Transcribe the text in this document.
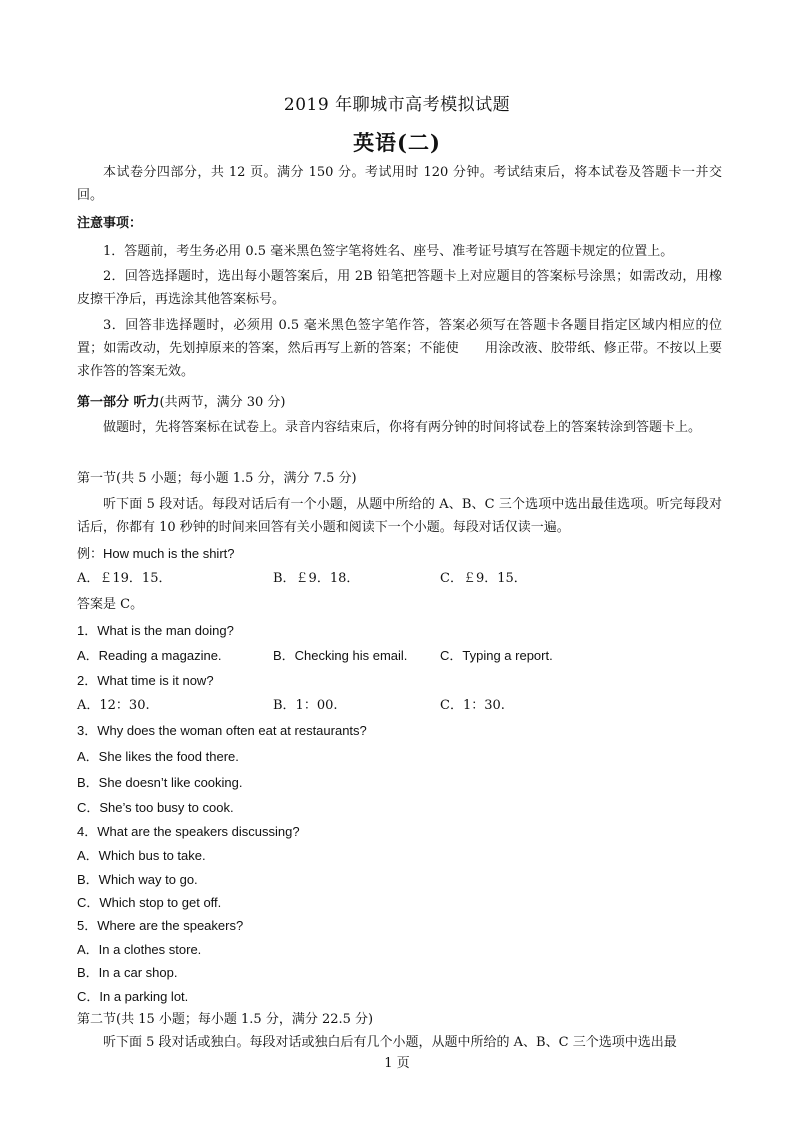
2019 年聊城市高考模拟试题
英语(二)
本试卷分四部分，共 12 页。满分 150 分。考试用时 120 分钟。考试结束后，将本试卷及答题卡一并交回。
注意事项：
1．答题前，考生务必用 0.5 毫米黑色签字笔将姓名、座号、准考证号填写在答题卡规定的位置上。
2．回答选择题时，选出每小题答案后，用 2B 铅笔把答题卡上对应题目的答案标号涂黑；如需改动，用橡皮擦干净后，再选涂其他答案标号。
3．回答非选择题时，必须用 0.5 毫米黑色签字笔作答，答案必须写在答题卡各题目指定区域内相应的位置；如需改动，先划掉原来的答案，然后再写上新的答案；不能使　　用涂改液、胶带纸、修正带。不按以上要求作答的答案无效。
第一部分 听力(共两节，满分 30 分)
做题时，先将答案标在试卷上。录音内容结束后，你将有两分钟的时间将试卷上的答案转涂到答题卡上。
第一节(共 5 小题；每小题 1.5 分，满分 7.5 分)
听下面 5 段对话。每段对话后有一个小题，从题中所给的 A、B、C 三个选项中选出最佳选项。听完每段对话后，你都有 10 秒钟的时间来回答有关小题和阅读下一个小题。每段对话仅读一遍。
例：How much is the shirt?
A．￡19．15．	B．￡9．18．	C．￡9．15．
答案是 C。
1．What is the man doing?
A．Reading a magazine.	B．Checking his email.	C．Typing a report.
2．What time is it now?
A．12：30.	B．1：00.	C．1：30.
3．Why does the woman often eat at restaurants?
A．She likes the food there.
B．She doesn’t like cooking.
C．She’s too busy to cook.
4．What are the speakers discussing?
A．Which bus to take.
B．Which way to go.
C．Which stop to get off.
5．Where are the speakers?
A．In a clothes store.
B．In a car shop.
C．In a parking lot.
第二节(共 15 小题；每小题 1.5 分，满分 22.5 分)
听下面 5 段对话或独白。每段对话或独白后有几个小题，从题中所给的 A、B、C 三个选项中选出最
1 页
